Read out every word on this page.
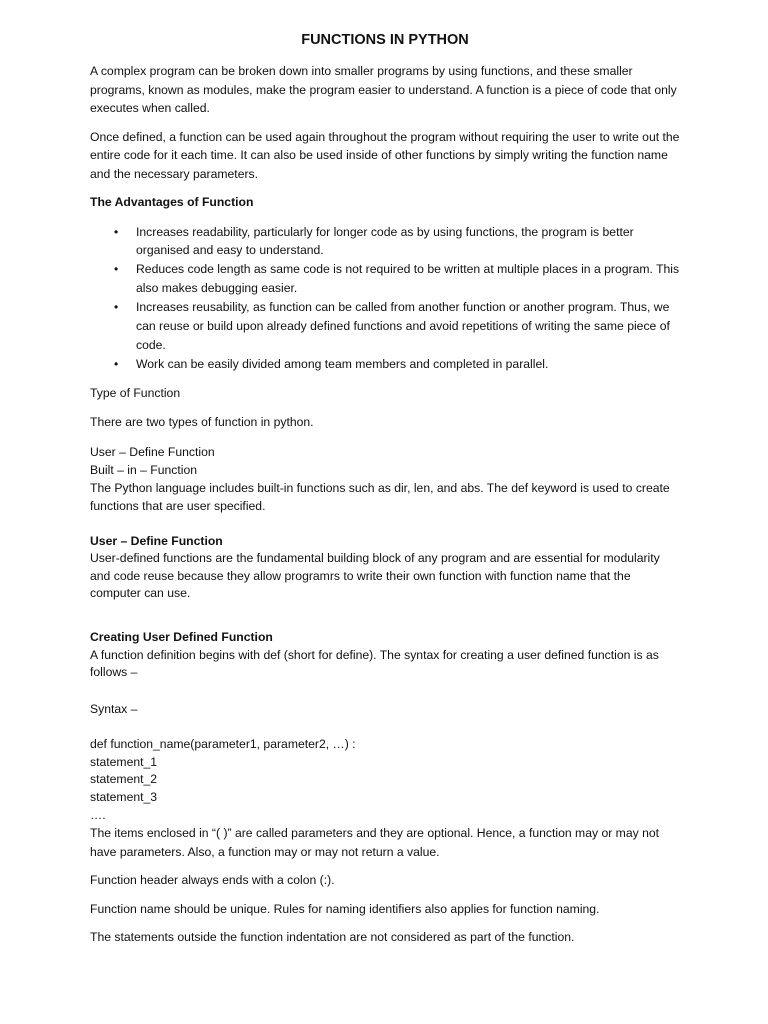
FUNCTIONS IN PYTHON

A complex program can be broken down into smaller programs by using functions, and these smaller programs, known as modules, make the program easier to understand. A function is a piece of code that only executes when called.

Once defined, a function can be used again throughout the program without requiring the user to write out the entire code for it each time. It can also be used inside of other functions by simply writing the function name and the necessary parameters.

The Advantages of Function

• Increases readability, particularly for longer code as by using functions, the program is better organised and easy to understand.
• Reduces code length as same code is not required to be written at multiple places in a program. This also makes debugging easier.
• Increases reusability, as function can be called from another function or another program. Thus, we can reuse or build upon already defined functions and avoid repetitions of writing the same piece of code.
• Work can be easily divided among team members and completed in parallel.

Type of Function

There are two types of function in python.

User – Define Function
Built – in – Function

The Python language includes built-in functions such as dir, len, and abs. The def keyword is used to create functions that are user specified.

User – Define Function

User-defined functions are the fundamental building block of any program and are essential for modularity and code reuse because they allow programrs to write their own function with function name that the computer can use.

Creating User Defined Function

A function definition begins with def (short for define). The syntax for creating a user defined function is as follows –

Syntax –

def function_name(parameter1, parameter2, …) :
statement_1
statement_2
statement_3
….

The items enclosed in “( )” are called parameters and they are optional. Hence, a function may or may not have parameters. Also, a function may or may not return a value.

Function header always ends with a colon (:).

Function name should be unique. Rules for naming identifiers also applies for function naming.

The statements outside the function indentation are not considered as part of the function.
